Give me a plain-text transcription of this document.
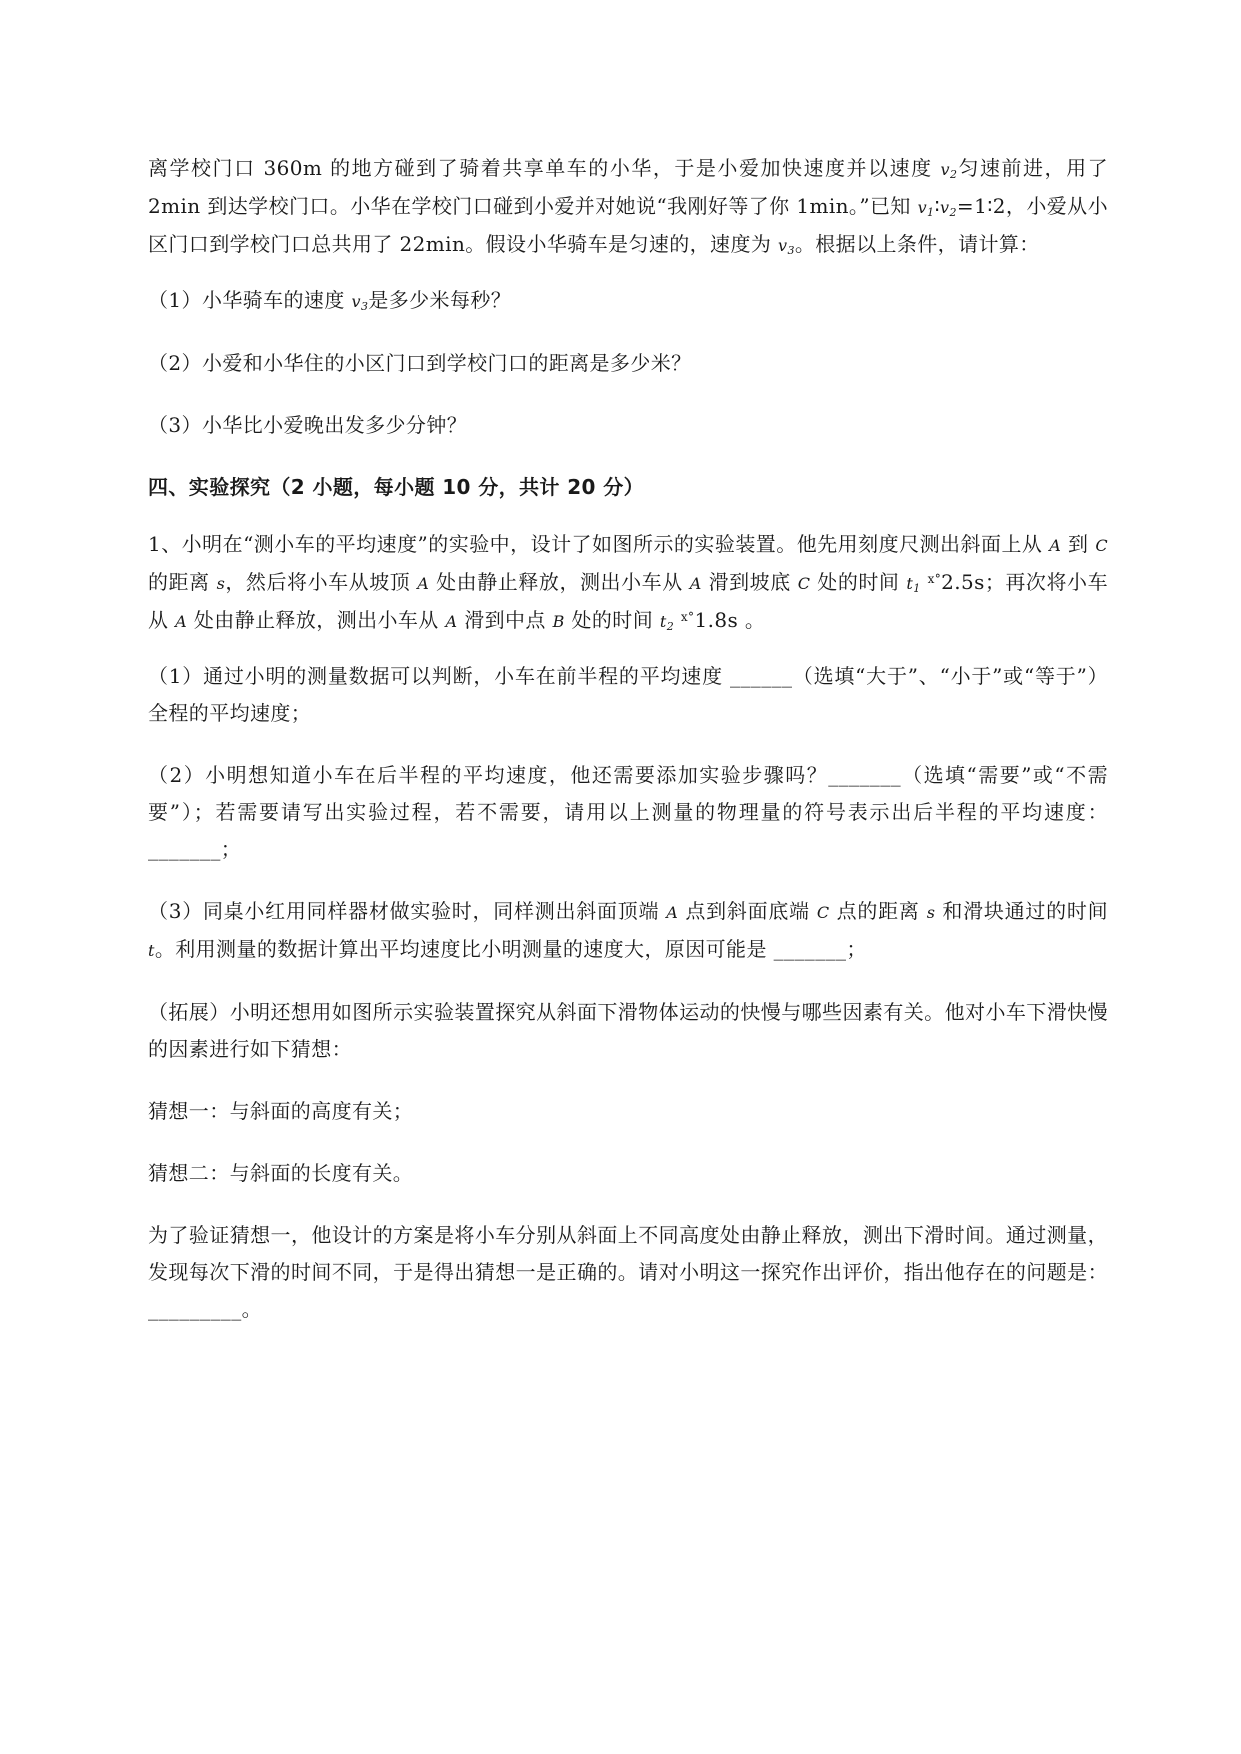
离学校门口 360m 的地方碰到了骑着共享单车的小华，于是小爱加快速度并以速度 $v_2$匀速前进，用了 2min 到达学校门口。小华在学校门口碰到小爱并对她说“我刚好等了你 1min。”已知 $v_1∶v_2=1∶2$，小爱从小区门口到学校门口总共用了 22min。假设小华骑车是匀速的，速度为 $v_3$。根据以上条件，请计算：

（1）小华骑车的速度 $v_3$是多少米每秒？

（2）小爱和小华住的小区门口到学校门口的距离是多少米？

（3）小华比小爱晚出发多少分钟？

四、实验探究（2 小题，每小题 10 分，共计 20 分）

1、小明在“测小车的平均速度”的实验中，设计了如图所示的实验装置。他先用刻度尺测出斜面上从 A 到 C 的距离 s，然后将小车从坡顶 A 处由静止释放，测出小车从 A 滑到坡底 C 处的时间 $t_1$ $^{x^\circ}$2.5s；再次将小车从 A 处由静止释放，测出小车从 A 滑到中点 B 处的时间 $t_2$ $^{x^\circ}$1.8s 。

（1）通过小明的测量数据可以判断，小车在前半程的平均速度 ______（选填“大于”、“小于”或“等于”）全程的平均速度；

（2）小明想知道小车在后半程的平均速度，他还需要添加实验步骤吗？_______（选填“需要”或“不需要”）；若需要请写出实验过程，若不需要，请用以上测量的物理量的符号表示出后半程的平均速度：_______；

（3）同桌小红用同样器材做实验时，同样测出斜面顶端 A 点到斜面底端 C 点的距离 s 和滑块通过的时间 t。利用测量的数据计算出平均速度比小明测量的速度大，原因可能是 _______；

（拓展）小明还想用如图所示实验装置探究从斜面下滑物体运动的快慢与哪些因素有关。他对小车下滑快慢的因素进行如下猜想：

猜想一：与斜面的高度有关；

猜想二：与斜面的长度有关。

为了验证猜想一，他设计的方案是将小车分别从斜面上不同高度处由静止释放，测出下滑时间。通过测量，发现每次下滑的时间不同，于是得出猜想一是正确的。请对小明这一探究作出评价，指出他存在的问题是：_________。
